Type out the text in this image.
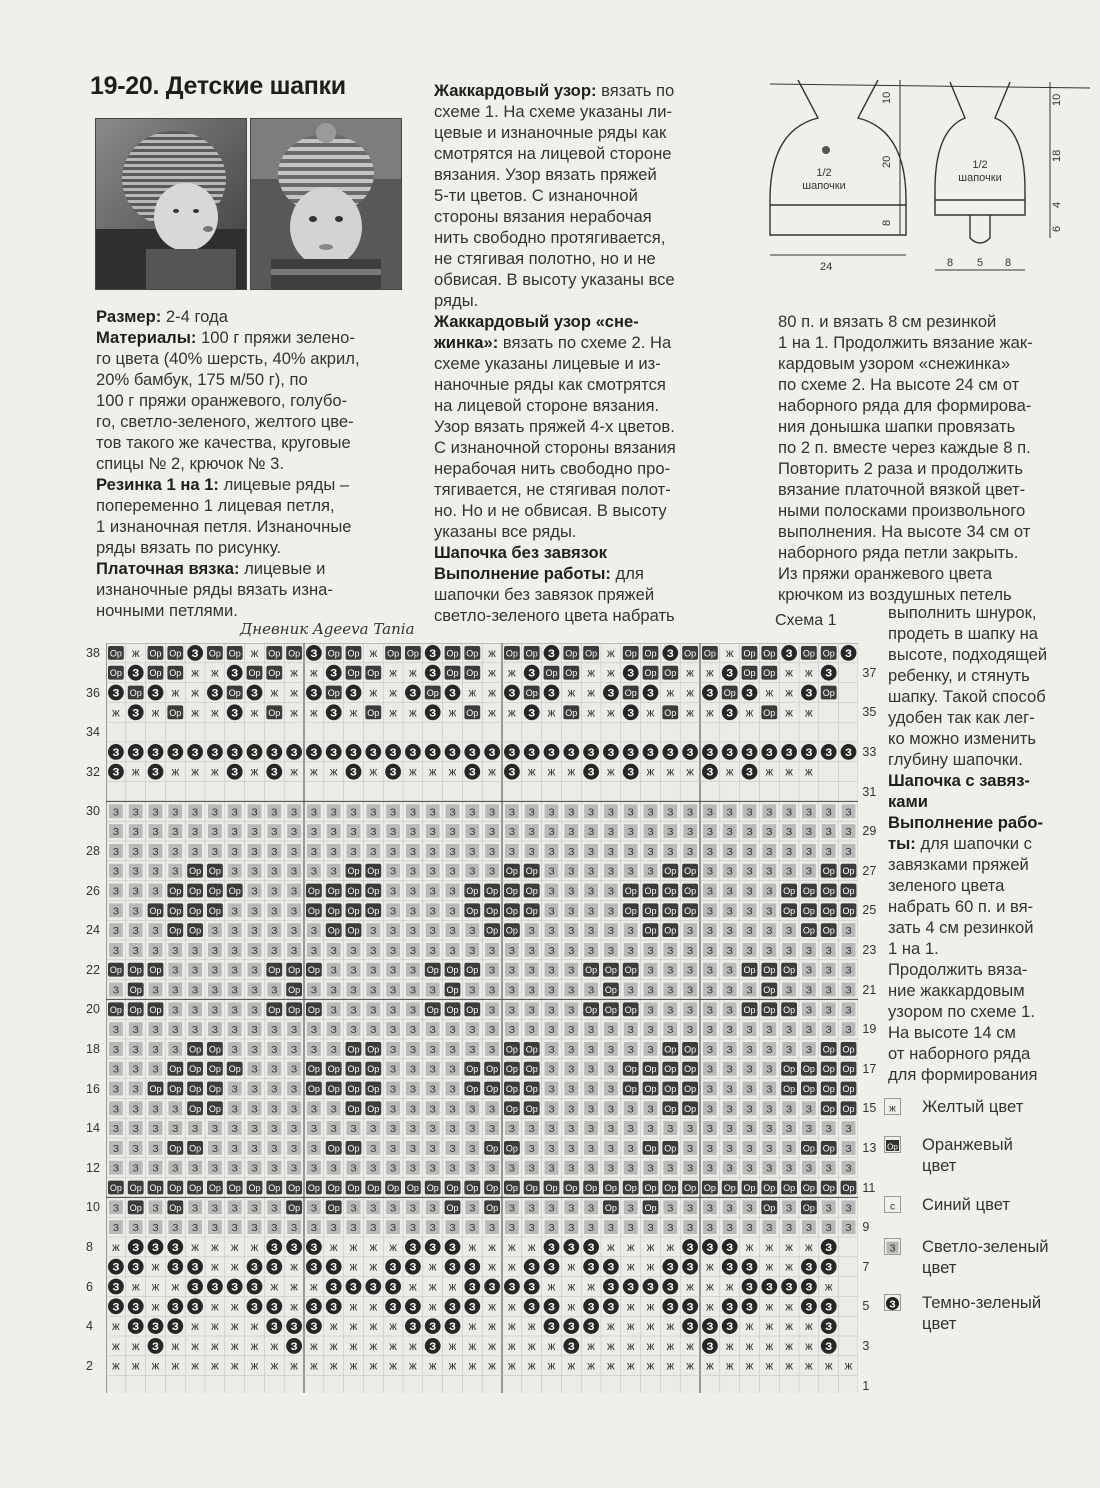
19-20. Детские шапки

Размер: 2-4 года

Материалы: 100 г пряжи зелено-

го цвета (40% шерсть, 40% акрил,

20% бамбук, 175 м/50 г), по

100 г пряжи оранжевого, голубо-

го, светло-зеленого, желтого цве-

тов такого же качества, круговые

спицы № 2, крючок № 3.

Резинка 1 на 1: лицевые ряды –

попеременно 1 лицевая петля,

1 изнаночная петля. Изнаночные

ряды вязать по рисунку.

Платочная вязка: лицевые и

изнаночные ряды вязать изна-

ночными петлями.

Жаккардовый узор: вязать по

схеме 1. На схеме указаны ли-

цевые и изнаночные ряды как

смотрятся на лицевой стороне

вязания. Узор вязать пряжей

5-ти цветов. С изнаночной

стороны вязания нерабочая

нить свободно протягивается,

не стягивая полотно, но и не

обвисая. В высоту указаны все

ряды.

Жаккардовый узор «сне-

жинка»: вязать по схеме 2. На

схеме указаны лицевые и из-

наночные ряды как смотрятся

на лицевой стороне вязания.

Узор вязать пряжей 4-х цветов.

С изнаночной стороны вязания

нерабочая нить свободно про-

тягивается, не стягивая полот-

но. Но и не обвисая. В высоту

указаны все ряды.

Шапочка без завязок

Выполнение работы: для

шапочки без завязок пряжей

светло-зеленого цвета набрать

80 п. и вязать 8 см резинкой

1 на 1. Продолжить вязание жак-

кардовым узором «снежинка»

по схеме 2. На высоте 24 см от

наборного ряда для формирова-

ния донышка шапки провязать

по 2 п. вместе через каждые 8 п.

Повторить 2 раза и продолжить

вязание платочной вязкой цвет-

ными полосками произвольного

выполнения. На высоте 34 см от

наборного ряда петли закрыть.

Из пряжи оранжевого цвета

крючком из воздушных петель

выполнить шнурок,

продеть в шапку на

высоте, подходящей

ребенку, и стянуть

шапку. Такой способ

удобен так как лег-

ко можно изменить

глубину шапочки.

Шапочка с завяз-

ками

Выполнение рабо-

ты: для шапочки с

завязками пряжей

зеленого цвета

набрать 60 п. и вя-

зать 4 см резинкой

1 на 1.

Продолжить вяза-

ние жаккардовым

узором по схеме 1.

На высоте 14 см

от наборного ряда

для формирования

1/2
шапочки
1/2
шапочки
10
20
8
24
10
18
4
6
8 5 8
Дневник Ageeva Tania	Схема 1
ж ж ж ж ж ж ж ж ж ж ж ж ж ж ж ж ж ж ж ж ж ж ж ж ж ж ж ж ж ж ж ж ж ж ж ж ж ж
ж ж З ж ж ж ж ж ж З ж ж ж ж ж ж З ж ж ж ж ж ж З ж ж ж ж ж ж З ж ж ж ж ж З
ж З З З ж ж ж ж З З З ж ж ж ж З З З ж ж ж ж З З З ж ж ж ж З З З ж ж ж ж З
З З ж З З ж ж З З ж З З ж ж З З ж З З ж ж З З ж З З ж ж З З ж З З ж ж З З
З ж ж ж З З З З ж ж ж З З З З ж ж ж З З З З ж ж ж З З З З ж ж ж З З З З ж
З З ж З З ж ж З З ж З З ж ж З З ж З З ж ж З З ж З З ж ж З З ж З З ж ж З З
ж З З З ж ж ж ж З З З ж ж ж ж З З З ж ж ж ж З З З ж ж ж ж З З З ж ж ж ж З
З З З З З З З З З З З З З З З З З З З З З З З З З З З З З З З З З З З З З З
З Ор З Ор З З З З З Ор З Ор З З З З З Ор З Ор З З З З З Ор З Ор З З З З З Ор З Ор З З
Ор Ор Ор Ор Ор Ор Ор Ор Ор Ор Ор Ор Ор Ор Ор Ор Ор Ор Ор Ор Ор Ор Ор Ор Ор Ор Ор Ор Ор Ор Ор Ор Ор Ор Ор Ор Ор Ор
З З З З З З З З З З З З З З З З З З З З З З З З З З З З З З З З З З З З З З
З З З Ор Ор З З З З З З Ор Ор З З З З З З Ор Ор З З З З З З Ор Ор З З З З З З Ор Ор З
З З З З З З З З З З З З З З З З З З З З З З З З З З З З З З З З З З З З З З
З З З З Ор Ор З З З З З З Ор Ор З З З З З З Ор Ор З З З З З З Ор Ор З З З З З З Ор Ор
З З Ор Ор Ор Ор З З З З Ор Ор Ор Ор З З З З Ор Ор Ор Ор З З З З Ор Ор Ор Ор З З З З Ор Ор Ор Ор
З З З Ор Ор Ор Ор З З З Ор Ор Ор Ор З З З З Ор Ор Ор Ор З З З З Ор Ор Ор Ор З З З З Ор Ор Ор Ор
З З З З Ор Ор З З З З З З Ор Ор З З З З З З Ор Ор З З З З З З Ор Ор З З З З З З Ор Ор
З З З З З З З З З З З З З З З З З З З З З З З З З З З З З З З З З З З З З З
Ор Ор Ор З З З З З Ор Ор Ор З З З З З Ор Ор Ор З З З З З Ор Ор Ор З З З З З Ор Ор Ор З З З
З Ор З З З З З З З Ор З З З З З З З Ор З З З З З З З Ор З З З З З З З Ор З З З З
Ор Ор Ор З З З З З Ор Ор Ор З З З З З Ор Ор Ор З З З З З Ор Ор Ор З З З З З Ор Ор Ор З З З
З З З З З З З З З З З З З З З З З З З З З З З З З З З З З З З З З З З З З З
З З З Ор Ор З З З З З З Ор Ор З З З З З З Ор Ор З З З З З З Ор Ор З З З З З З Ор Ор З
З З Ор Ор Ор Ор З З З З Ор Ор Ор Ор З З З З Ор Ор Ор Ор З З З З Ор Ор Ор Ор З З З З Ор Ор Ор Ор
З З З Ор Ор Ор Ор З З З Ор Ор Ор Ор З З З З Ор Ор Ор Ор З З З З Ор Ор Ор Ор З З З З Ор Ор Ор Ор
З З З З Ор Ор З З З З З З Ор Ор З З З З З З Ор Ор З З З З З З Ор Ор З З З З З З Ор Ор
З З З З З З З З З З З З З З З З З З З З З З З З З З З З З З З З З З З З З З
З З З З З З З З З З З З З З З З З З З З З З З З З З З З З З З З З З З З З З
З З З З З З З З З З З З З З З З З З З З З З З З З З З З З З З З З З З З З З
З ж З ж ж ж З ж З ж ж ж З ж З ж ж ж З ж З ж ж ж З ж З ж ж ж З ж З ж ж ж
З З З З З З З З З З З З З З З З З З З З З З З З З З З З З З З З З З З З З З
ж З ж Ор ж ж З ж Ор ж ж З ж Ор ж ж З ж Ор ж ж З ж Ор ж ж З ж Ор ж ж З ж Ор ж ж
З Ор З ж ж З Ор З ж ж З Ор З ж ж З Ор З ж ж З Ор З ж ж З Ор З ж ж З Ор З ж ж З Ор
Ор З Ор Ор ж ж З Ор Ор ж ж З Ор Ор ж ж З Ор Ор ж ж З Ор Ор ж ж З Ор Ор ж ж З Ор Ор ж ж З
Ор ж Ор Ор З Ор Ор ж Ор Ор З Ор Ор ж Ор Ор З Ор Ор ж Ор Ор З Ор Ор ж Ор Ор З Ор Ор ж Ор Ор З Ор Ор З
2
4
6
8
10
12
14
16
18
20
22
24
26
28
30
32
34
36
38
1
3
5
7
9
11
13
15
17
19
21
23
25
27
29
31
33
35
37
ж Желтый цвет
Ор Оранжевый
цвет
с Синий цвет
З Светло-зеленый
цвет
З Темно-зеленый
цвет
